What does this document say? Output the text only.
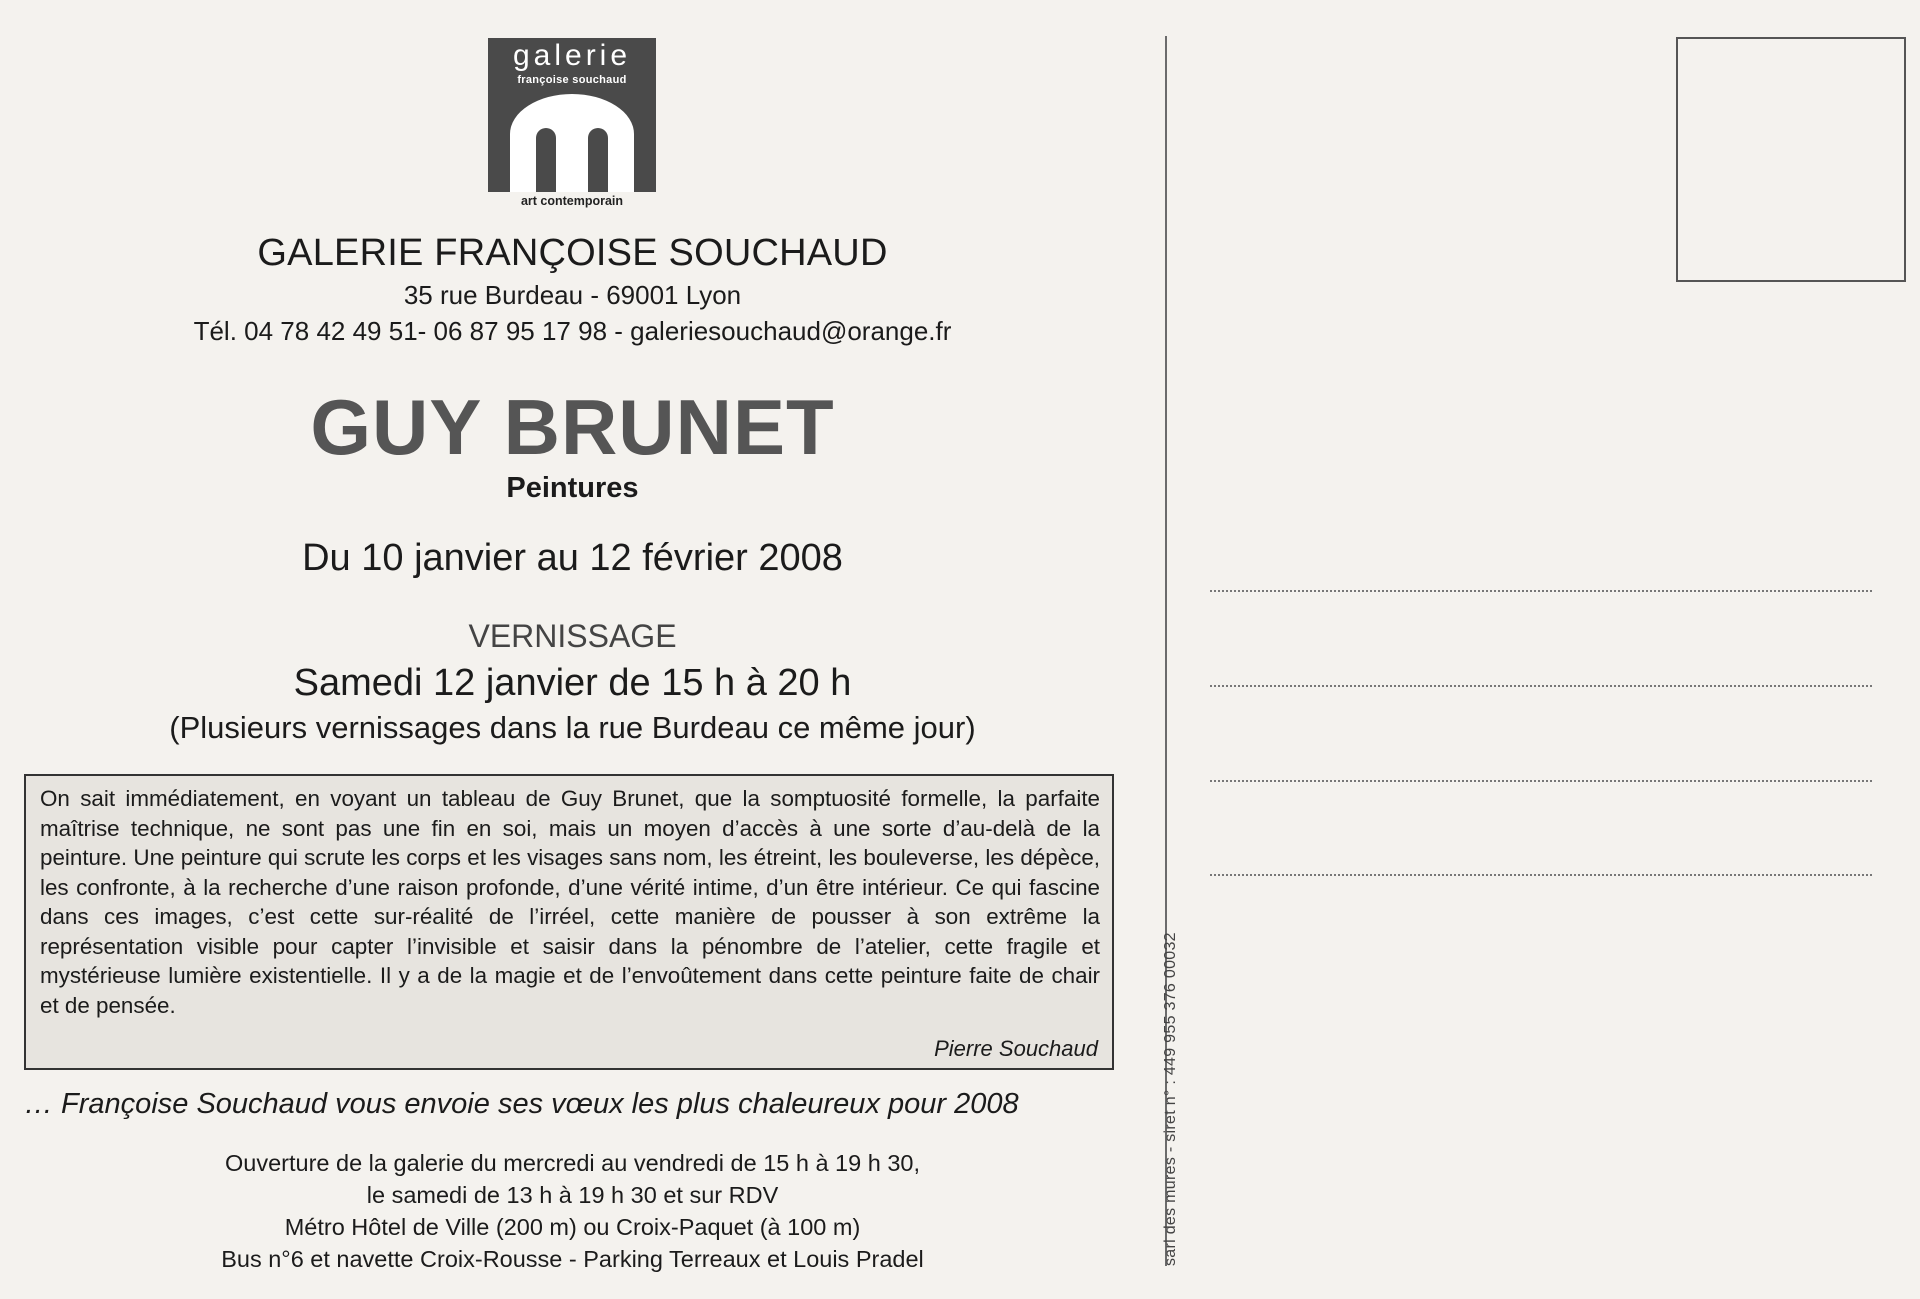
galerie
françoise souchaud
art contemporain
GALERIE FRANÇOISE SOUCHAUD
35 rue Burdeau - 69001 Lyon
Tél. 04 78 42 49 51- 06 87 95 17 98 - galeriesouchaud@orange.fr
GUY BRUNET
Peintures
Du 10 janvier au 12 février 2008
VERNISSAGE
Samedi 12 janvier de 15 h à 20 h
(Plusieurs vernissages dans la rue Burdeau ce même jour)

On sait immédiatement, en voyant un tableau de Guy Brunet, que la somptuosité formelle, la parfaite maîtrise technique, ne sont pas une fin en soi, mais un moyen d’accès à une sorte d’au-delà de la peinture. Une peinture qui scrute les corps et les visages sans nom, les étreint, les bouleverse, les dépèce, les confronte, à la recherche d’une raison profonde, d’une vérité intime, d’un être intérieur. Ce qui fascine dans ces images, c’est cette sur-réalité de l’irréel, cette manière de pousser à son extrême la représentation visible pour capter l’invisible et saisir dans la pénombre de l’atelier, cette fragile et mystérieuse lumière existentielle. Il y a de la magie et de l’envoûtement dans cette peinture faite de chair et de pensée.

Pierre Souchaud
… Françoise Souchaud vous envoie ses vœux les plus chaleureux pour 2008
Ouverture de la galerie du mercredi au vendredi de 15 h à 19 h 30,
le samedi de 13 h à 19 h 30 et sur RDV
Métro Hôtel de Ville (200 m) ou Croix-Paquet (à 100 m)
Bus n°6 et navette Croix-Rousse - Parking Terreaux et Louis Pradel	sarl des mures - siret n° : 449 955 376 00032
